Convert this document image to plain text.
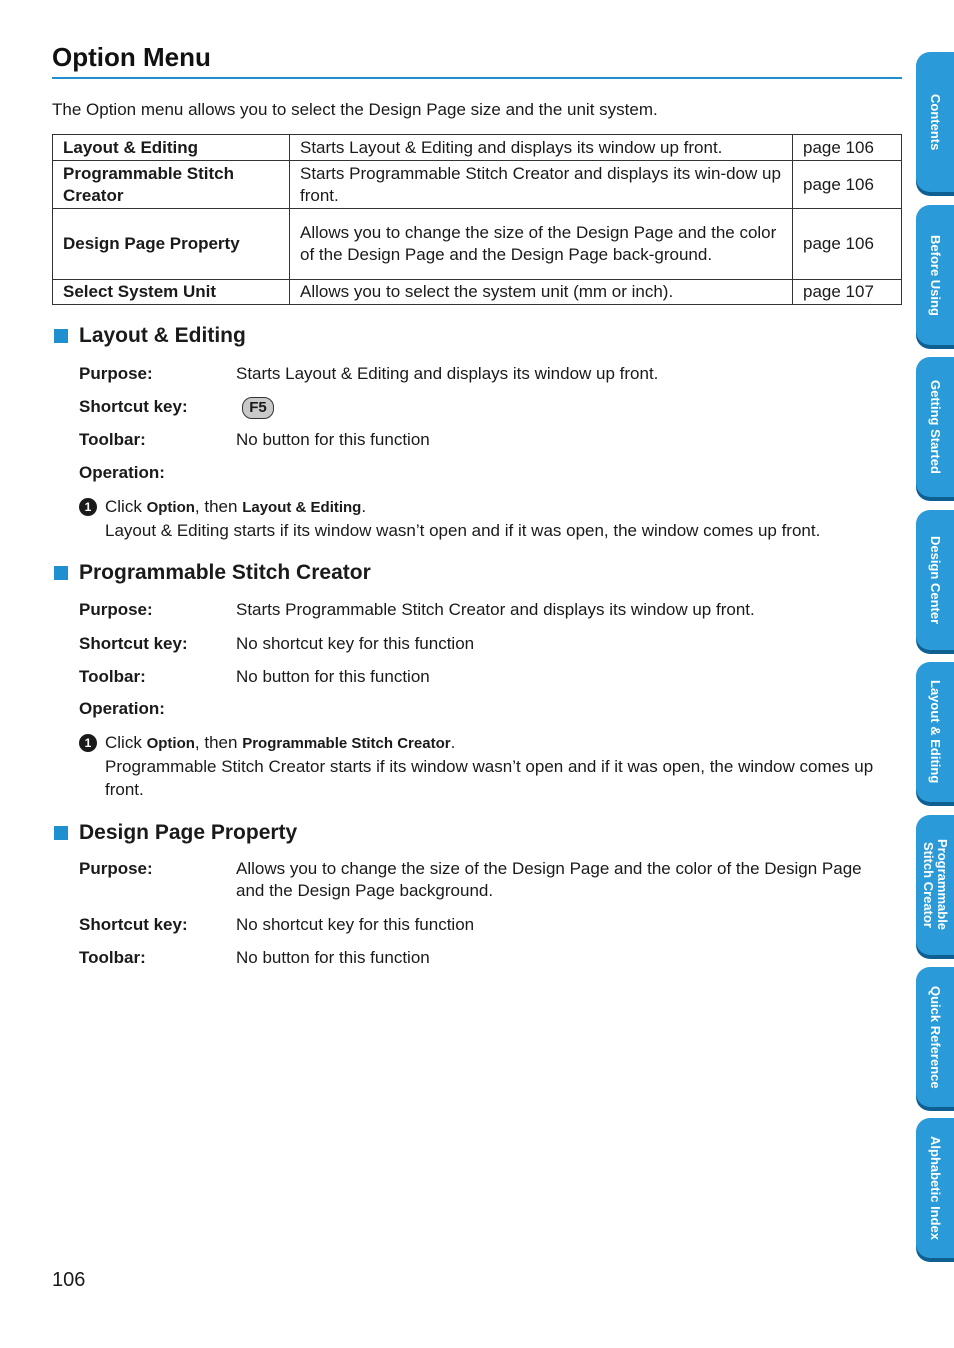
Option Menu

The Option menu allows you to select the Design Page size and the unit system.

Layout & Editing	Starts Layout & Editing and displays its window up front.	page 106
Programmable Stitch Creator	Starts Programmable Stitch Creator and displays its win-dow up front.	page 106
Design Page Property	Allows you to change the size of the Design Page and the color of the Design Page and the Design Page back-ground.	page 106
Select System Unit	Allows you to select the system unit (mm or inch).	page 107
Layout & Editing
Purpose:	Starts Layout & Editing and displays its window up front.
Shortcut key:	F5
Toolbar:	No button for this function
Operation:
1 Click Option, then Layout & Editing.
Layout & Editing starts if its window wasn’t open and if it was open, the window comes up front.
Programmable Stitch Creator
Purpose:	Starts Programmable Stitch Creator and displays its window up front.
Shortcut key:	No shortcut key for this function
Toolbar:	No button for this function
Operation:
1 Click Option, then Programmable Stitch Creator.
Programmable Stitch Creator starts if its window wasn’t open and if it was open, the window comes up front.
Design Page Property
Purpose:	Allows you to change the size of the Design Page and the color of the Design Page and the Design Page background.
Shortcut key:	No shortcut key for this function
Toolbar:	No button for this function
106
Contents
Before Using
Getting Started
Design Center
Layout & Editing
Programmable
Stitch Creator
Quick Reference
Alphabetic Index
